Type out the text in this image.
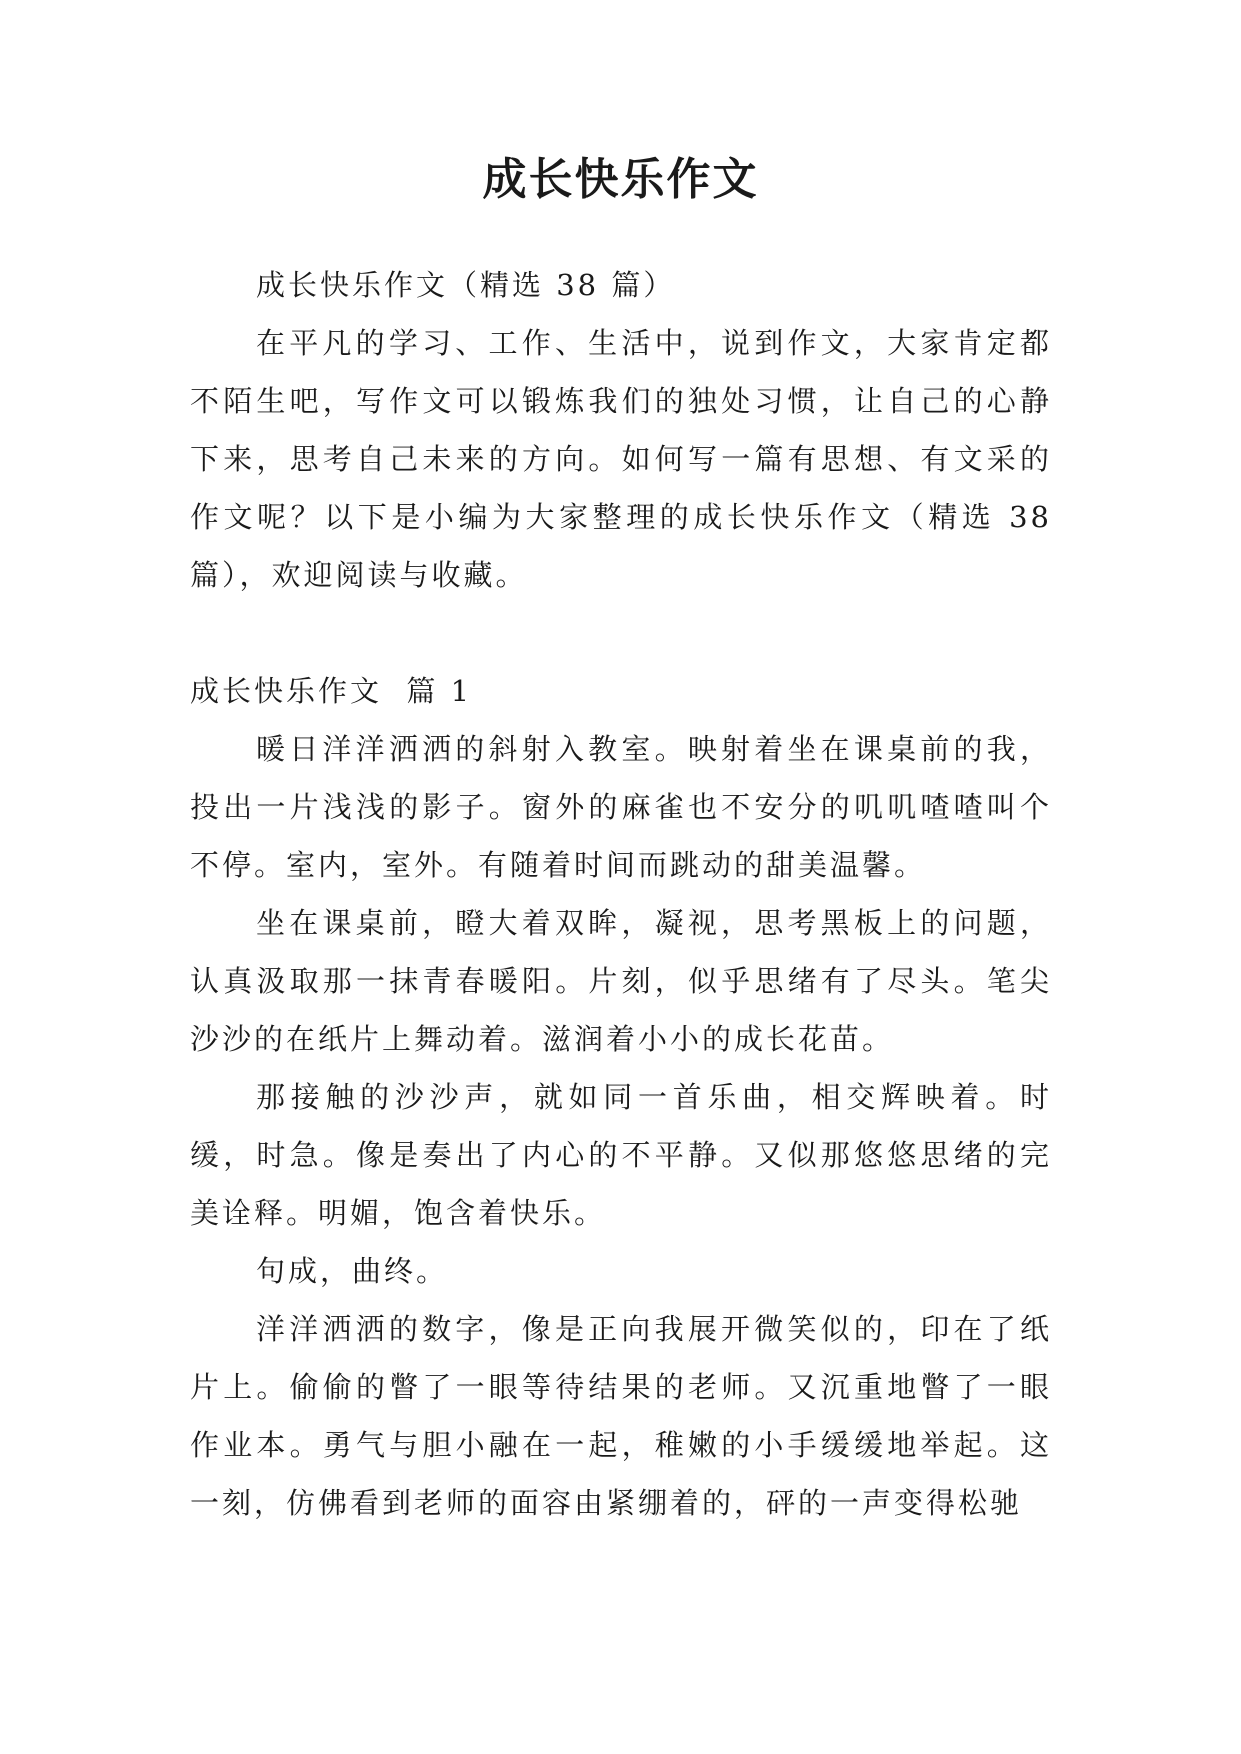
成长快乐作文

成长快乐作文（精选 38 篇）

在平凡的学习、工作、生活中，说到作文，大家肯定都不陌生吧，写作文可以锻炼我们的独处习惯，让自己的心静下来，思考自己未来的方向。如何写一篇有思想、有文采的作文呢？以下是小编为大家整理的成长快乐作文（精选 38 篇），欢迎阅读与收藏。

成长快乐作文  篇 1

暖日洋洋洒洒的斜射入教室。映射着坐在课桌前的我，投出一片浅浅的影子。窗外的麻雀也不安分的叽叽喳喳叫个不停。室内，室外。有随着时间而跳动的甜美温馨。

坐在课桌前，瞪大着双眸，凝视，思考黑板上的问题，认真汲取那一抹青春暖阳。片刻，似乎思绪有了尽头。笔尖沙沙的在纸片上舞动着。滋润着小小的成长花苗。

那接触的沙沙声，就如同一首乐曲，相交辉映着。时缓，时急。像是奏出了内心的不平静。又似那悠悠思绪的完美诠释。明媚，饱含着快乐。

句成，曲终。

洋洋洒洒的数字，像是正向我展开微笑似的，印在了纸片上。偷偷的瞥了一眼等待结果的老师。又沉重地瞥了一眼作业本。勇气与胆小融在一起，稚嫩的小手缓缓地举起。这一刻，仿佛看到老师的面容由紧绷着的，砰的一声变得松驰
